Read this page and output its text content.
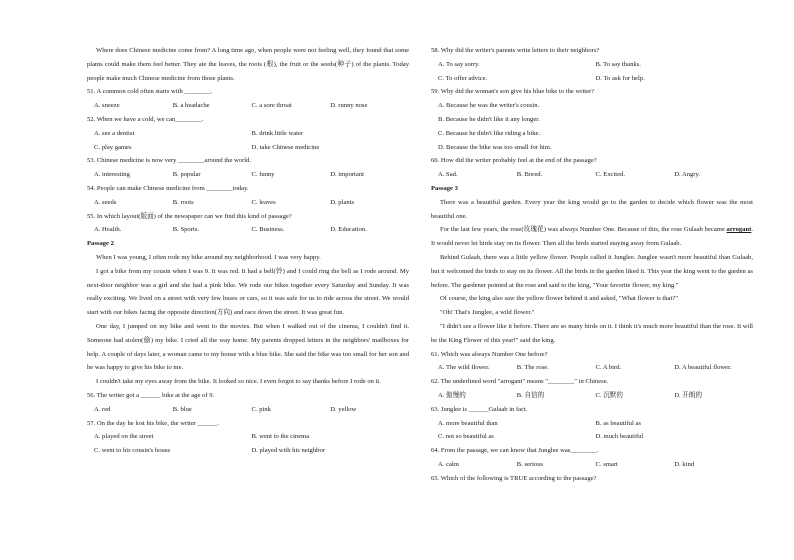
Where does Chinese medicine come from? A long time ago, when people were not feeling well, they found that some plants could make them feel better. They ate the leaves, the roots (根), the fruit or the seeds(种子) of the plants. Today people make much Chinese medicine from those plants.

51. A common cold often starts with ________.

A. sneeze	B. a headache	C. a sore throat	D. runny nose

52. When we have a cold, we can________.

A. see a dentist	B. drink little water
C. play games	D. take Chinese medicine

53. Chinese medicine is now very ________around the world.

A. interesting	B. popular	C. funny	D. important

54. People can make Chinese medicine from ________today.

A. seeds	B. roots	C. leaves	D. plants

55. In which layout(版面) of the newspaper can we find this kind of passage?

A. Health.	B. Sports.	C. Business.	D. Education.

Passage 2

When I was young, I often rode my bike around my neighborhood. I was very happy.

I got a bike from my cousin when I was 9. It was red. It had a bell(铃) and I could ring the bell as I rode around. My next-door neighbor was a girl and she had a pink bike. We rode our bikes together every Saturday and Sunday. It was really exciting. We lived on a street with very few buses or cars, so it was safe for us to ride across the street. We would start with our bikes facing the opposite direction(方向) and race down the street. It was great fun.

One day, I jumped on my bike and went to the movies. But when I walked out of the cinema, I couldn't find it. Someone had stolen(偷) my bike. I cried all the way home. My parents dropped letters in the neighbors' mailboxes for help. A couple of days later, a woman came to my house with a blue bike. She said the bike was too small for her son and he was happy to give his bike to me.

I couldn't take my eyes away from the bike. It looked so nice. I even forgot to say thanks before I rode on it.

56. The writer got a ______ bike at the age of 9.

A. red	B. blue	C. pink	D. yellow

57. On the day he lost his bike, the writer ______.

A. played on the street	B. went to the cinema
C. went to his cousin's house	D. played with his neighbor

58. Why did the writer's parents write letters to their neighbors?

A. To say sorry.	B. To say thanks.
C. To offer advice.	D. To ask for help.

59. Why did the woman's son give his blue bike to the writer?

A. Because he was the writer's cousin.

B. Because he didn't like it any longer.

C. Because he didn't like riding a bike.

D. Because the bike was too small for him.

60. How did the writer probably feel at the end of the passage?

A. Sad.	B. Bored.	C. Excited.	D. Angry.

Passage 3

There was a beautiful garden. Every year the king would go to the garden to decide which flower was the most beautiful one.

For the last few years, the rose(玫瑰花) was always Number One. Because of this, the rose Gulaab became arrogant. It would never let birds stay on its flower. Then all the birds started staying away from Gulaab.

Behind Gulaab, there was a little yellow flower. People called it Junglee. Junglee wasn't more beautiful than Gulaab, but it welcomed the birds to stay on its flower. All the birds in the garden liked it. This year the king went to the garden as before. The gardener pointed at the rose and said to the king, "Your favorite flower, my king."

Of course, the king also saw the yellow flower behind it and asked, "What flower is that?"

"Oh! That's Junglee, a wild flower."

"I didn't see a flower like it before. There are so many birds on it. I think it's much more beautiful than the rose. It will be the King Flower of this year!" said the king.

61. Which was always Number One before?

A. The wild flower.	B. The rose.	C. A bird.	D. A beautiful flower.

62. The underlined word "arrogant" means "________" in Chinese.

A. 傲慢的	B. 自信的	C. 沉默的	D. 开朗的

63. Junglee is ______Gulaab in fact.

A. more beautiful than	B. as beautiful as
C. not so beautiful as	D. much beautiful

64. From the passage, we can know that Junglee was________.

A. calm	B. serious	C. smart	D. kind

65. Which of the following is TRUE according to the passage?
